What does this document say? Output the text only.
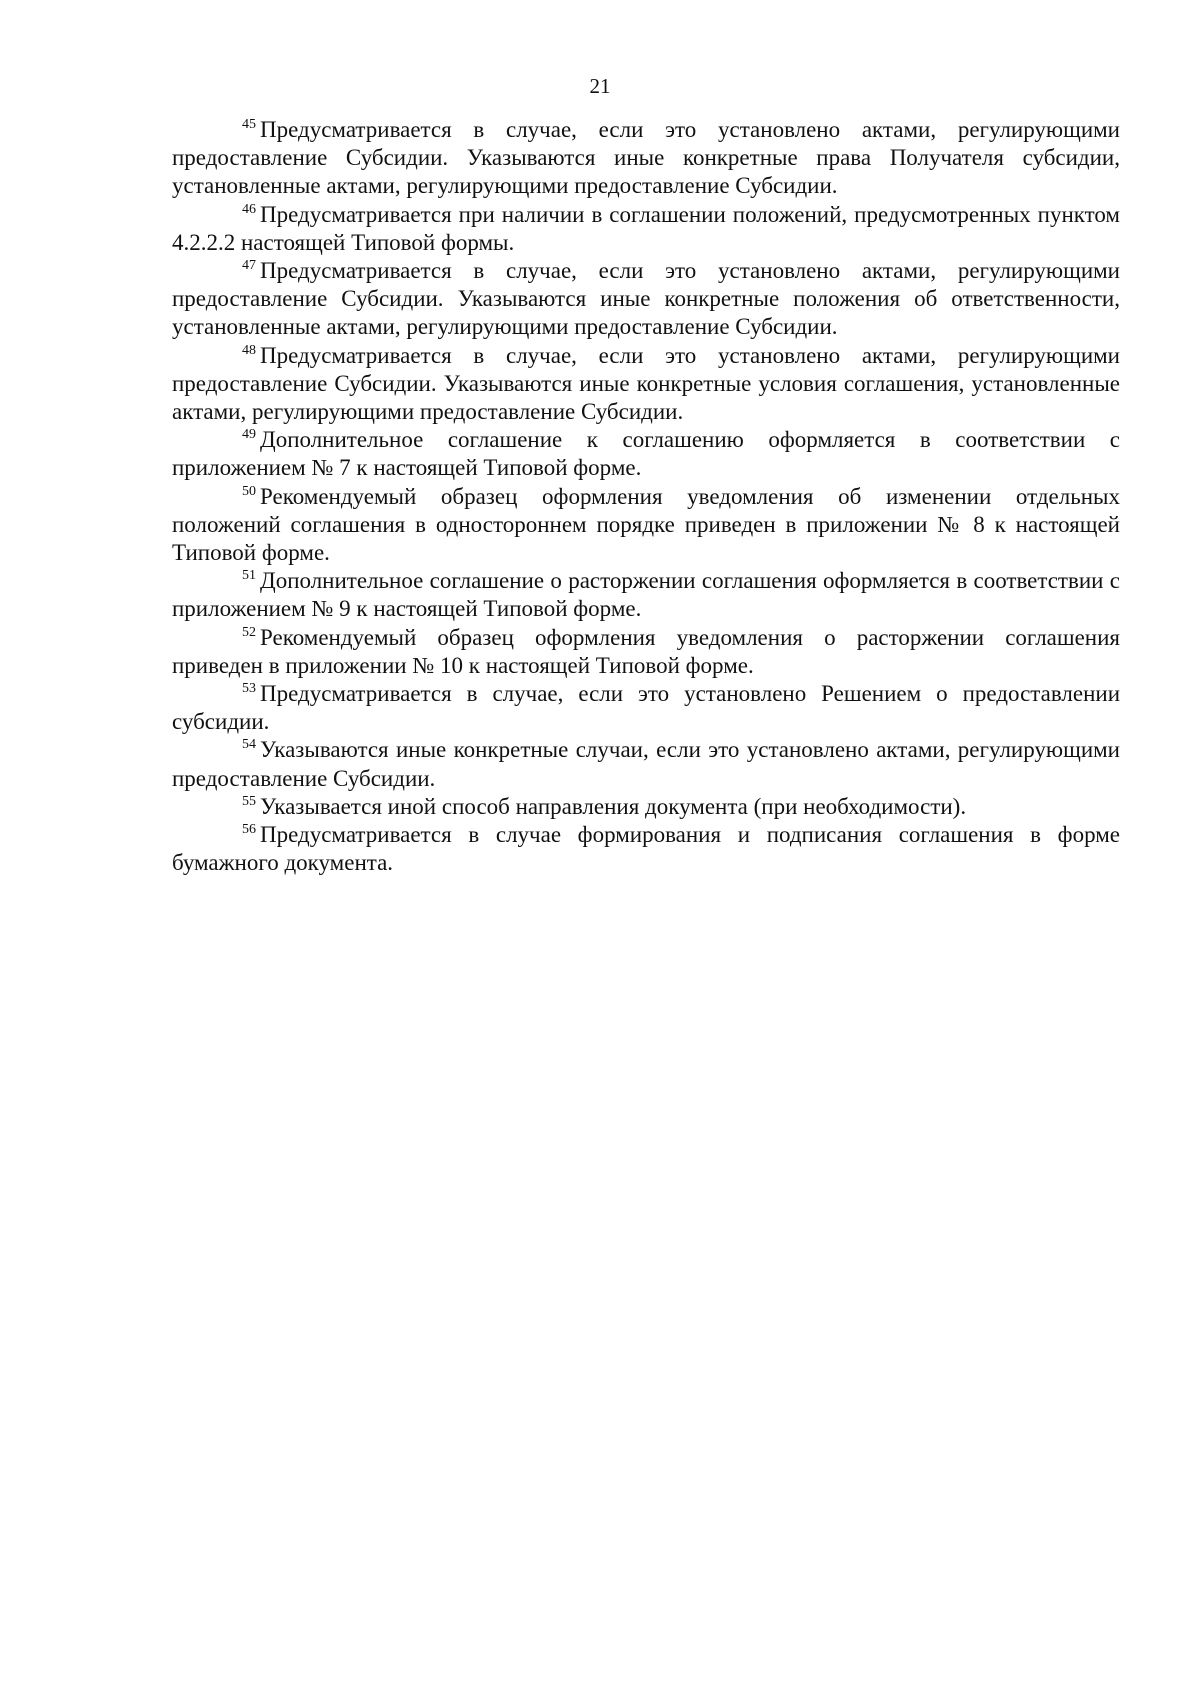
21

$^{45}$ Предусматривается в случае, если это установлено актами, регулирующими предоставление Субсидии. Указываются иные конкретные права Получателя субсидии, установленные актами, регулирующими предоставление Субсидии.

$^{46}$ Предусматривается при наличии в соглашении положений, предусмотренных пунктом 4.2.2.2 настоящей Типовой формы.

$^{47}$ Предусматривается в случае, если это установлено актами, регулирующими предоставление Субсидии. Указываются иные конкретные положения об ответственности, установленные актами, регулирующими предоставление Субсидии.

$^{48}$ Предусматривается в случае, если это установлено актами, регулирующими предоставление Субсидии. Указываются иные конкретные условия соглашения, установленные актами, регулирующими предоставление Субсидии.

$^{49}$ Дополнительное соглашение к соглашению оформляется в соответствии с приложением № 7 к настоящей Типовой форме.

$^{50}$ Рекомендуемый образец оформления уведомления об изменении отдельных положений соглашения в одностороннем порядке приведен в приложении № 8 к настоящей Типовой форме.

$^{51}$ Дополнительное соглашение о расторжении соглашения оформляется в соответствии с приложением № 9 к настоящей Типовой форме.

$^{52}$ Рекомендуемый образец оформления уведомления о расторжении соглашения приведен в приложении № 10 к настоящей Типовой форме.

$^{53}$ Предусматривается в случае, если это установлено Решением о предоставлении субсидии.

$^{54}$ Указываются иные конкретные случаи, если это установлено актами, регулирующими предоставление Субсидии.

$^{55}$ Указывается иной способ направления документа (при необходимости).

$^{56}$ Предусматривается в случае формирования и подписания соглашения в форме бумажного документа.
